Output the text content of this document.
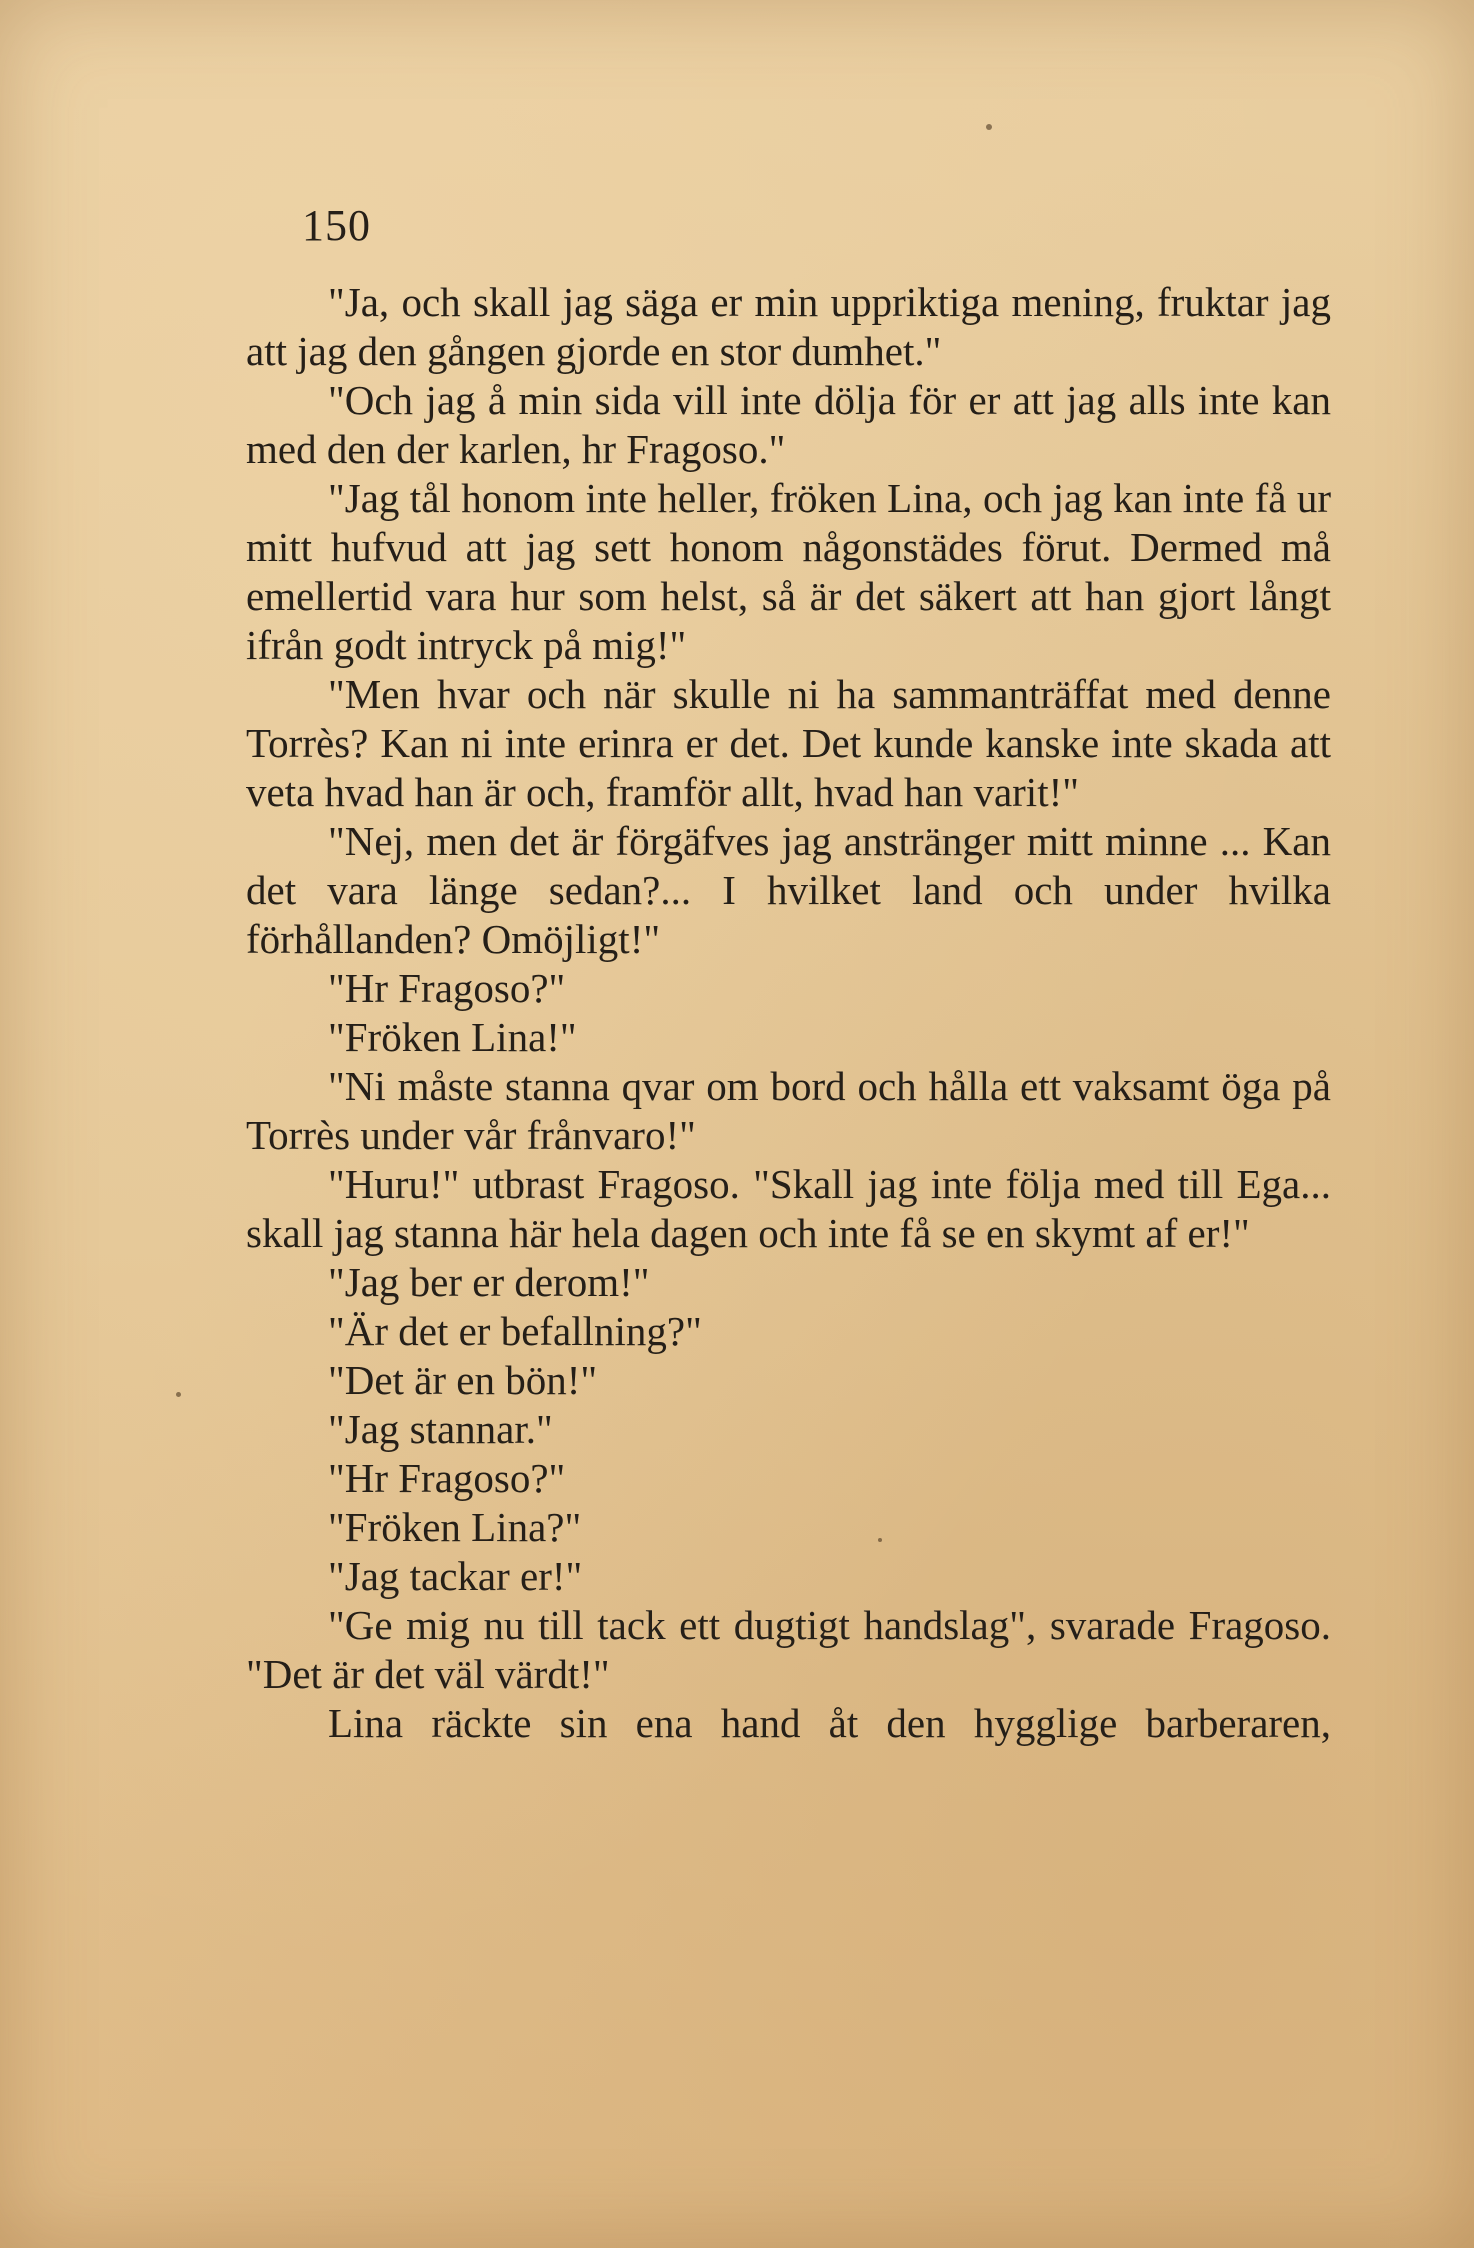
150

"Ja, och skall jag säga er min uppriktiga mening, fruktar jag att jag den gången gjorde en stor dumhet."

"Och jag å min sida vill inte dölja för er att jag alls inte kan med den der karlen, hr Fragoso."

"Jag tål honom inte heller, fröken Lina, och jag kan inte få ur mitt hufvud att jag sett honom någonstädes förut. Dermed må emellertid vara hur som helst, så är det säkert att han gjort långt ifrån godt intryck på mig!"

"Men hvar och när skulle ni ha sammanträffat med denne Torrès? Kan ni inte erinra er det. Det kunde kanske inte skada att veta hvad han är och, framför allt, hvad han varit!"

"Nej, men det är förgäfves jag anstränger mitt minne ... Kan det vara länge sedan?... I hvilket land och under hvilka förhållanden? Omöjligt!"

"Hr Fragoso?"

"Fröken Lina!"

"Ni måste stanna qvar om bord och hålla ett vaksamt öga på Torrès under vår frånvaro!"

"Huru!" utbrast Fragoso. "Skall jag inte följa med till Ega... skall jag stanna här hela dagen och inte få se en skymt af er!"

"Jag ber er derom!"

"Är det er befallning?"

"Det är en bön!"

"Jag stannar."

"Hr Fragoso?"

"Fröken Lina?"

"Jag tackar er!"

"Ge mig nu till tack ett dugtigt handslag", svarade Fragoso. "Det är det väl värdt!"

Lina räckte sin ena hand åt den hygglige barberaren,
